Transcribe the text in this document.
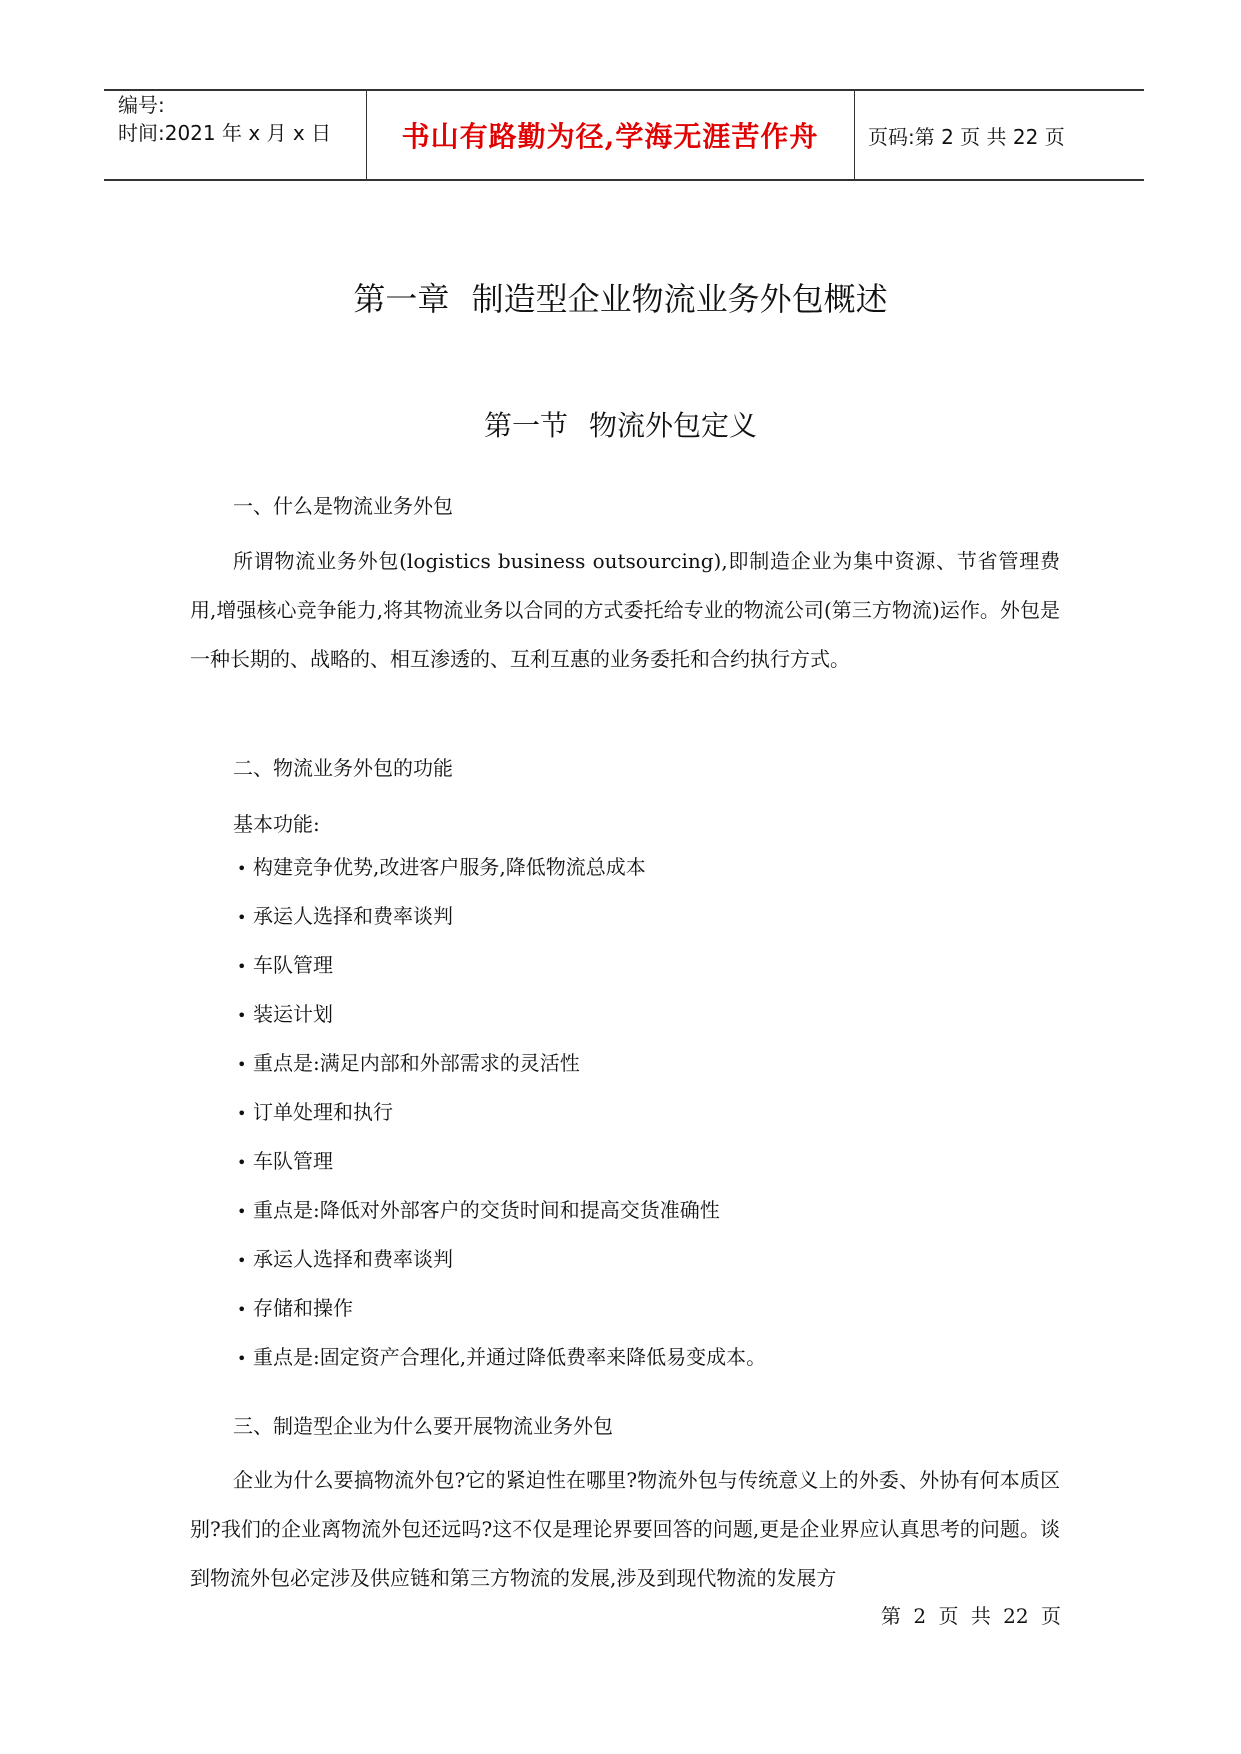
编号:
时间:2021 年 x 月 x 日	书山有路勤为径,学海无涯苦作舟 页码:第 2 页 共 22 页
第一章 制造型企业物流业务外包概述
第一节 物流外包定义
一、什么是物流业务外包

所谓物流业务外包(logistics business outsourcing),即制造企业为集中资源、节省管理费用,增强核心竞争能力,将其物流业务以合同的方式委托给专业的物流公司(第三方物流)运作。外包是一种长期的、战略的、相互渗透的、互利互惠的业务委托和合约执行方式。

二、物流业务外包的功能
基本功能:
• 构建竞争优势,改进客户服务,降低物流总成本
• 承运人选择和费率谈判
• 车队管理
• 装运计划
• 重点是:满足内部和外部需求的灵活性
• 订单处理和执行
• 车队管理
• 重点是:降低对外部客户的交货时间和提高交货准确性
• 承运人选择和费率谈判
• 存储和操作
• 重点是:固定资产合理化,并通过降低费率来降低易变成本。
三、制造型企业为什么要开展物流业务外包

企业为什么要搞物流外包?它的紧迫性在哪里?物流外包与传统意义上的外委、外协有何本质区别?我们的企业离物流外包还远吗?这不仅是理论界要回答的问题,更是企业界应认真思考的问题。谈到物流外包必定涉及供应链和第三方物流的发展,涉及到现代物流的发展方

第 2 页 共 22 页
